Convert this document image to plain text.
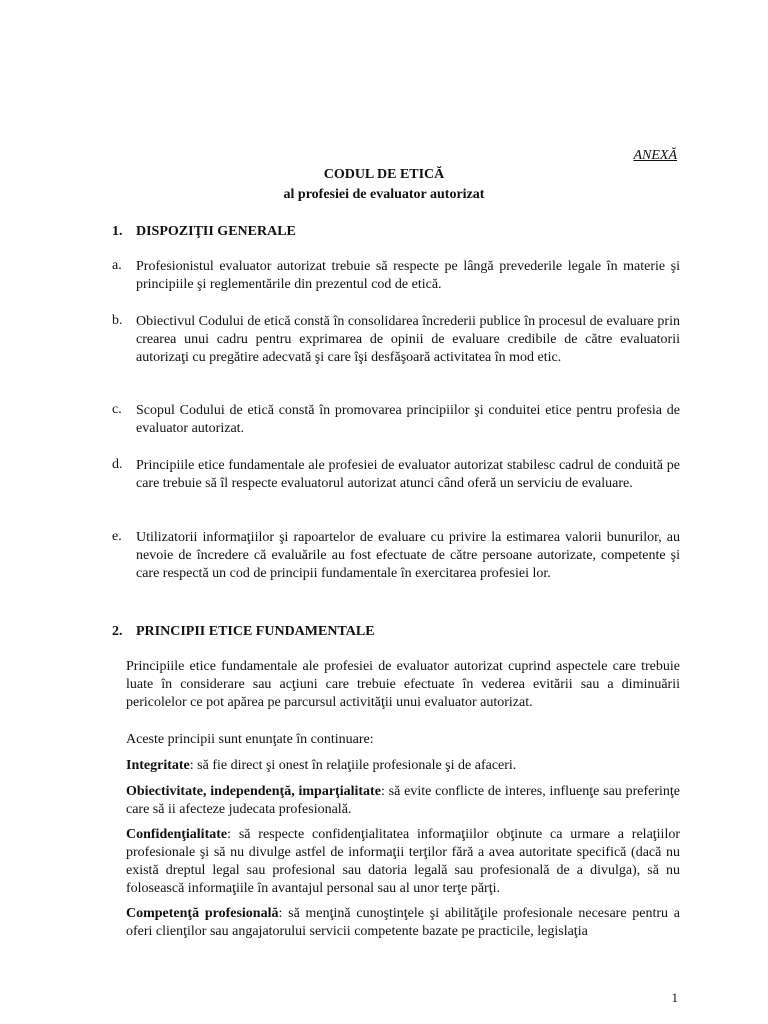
ANEXĂ
CODUL DE ETICĂ
al profesiei de evaluator autorizat
1. DISPOZIŢII GENERALE
a. Profesionistul evaluator autorizat trebuie să respecte pe lângă prevederile legale în materie şi principiile şi reglementările din prezentul cod de etică.
b. Obiectivul Codului de etică constă în consolidarea încrederii publice în procesul de evaluare prin crearea unui cadru pentru exprimarea de opinii de evaluare credibile de către evaluatorii autorizaţi cu pregătire adecvată şi care îşi desfăşoară activitatea în mod etic.
c. Scopul Codului de etică constă în promovarea principiilor şi conduitei etice pentru profesia de evaluator autorizat.
d. Principiile etice fundamentale ale profesiei de evaluator autorizat stabilesc cadrul de conduită pe care trebuie să îl respecte evaluatorul autorizat atunci când oferă un serviciu de evaluare.
e. Utilizatorii informaţiilor şi rapoartelor de evaluare cu privire la estimarea valorii bunurilor, au nevoie de încredere că evaluările au fost efectuate de către persoane autorizate, competente şi care respectă un cod de principii fundamentale în exercitarea profesiei lor.
2. PRINCIPII ETICE FUNDAMENTALE
Principiile etice fundamentale ale profesiei de evaluator autorizat cuprind aspectele care trebuie luate în considerare sau acţiuni care trebuie efectuate în vederea evitării sau a diminuării pericolelor ce pot apărea pe parcursul activităţii unui evaluator autorizat.
Aceste principii sunt enunţate în continuare:
Integritate: să fie direct şi onest în relaţiile profesionale şi de afaceri.
Obiectivitate, independenţă, imparţialitate: să evite conflicte de interes, influenţe sau preferinţe care să ii afecteze judecata profesională.
Confidenţialitate: să respecte confidenţialitatea informaţiilor obţinute ca urmare a relaţiilor profesionale şi să nu divulge astfel de informaţii terţilor fără a avea autoritate specifică (dacă nu există dreptul legal sau profesional sau datoria legală sau profesională de a divulga), să nu folosească informaţiile în avantajul personal sau al unor terţe părţi.
Competenţă profesională: să menţină cunoştinţele şi abilităţile profesionale necesare pentru a oferi clienţilor sau angajatorului servicii competente bazate pe practicile, legislaţia
1
